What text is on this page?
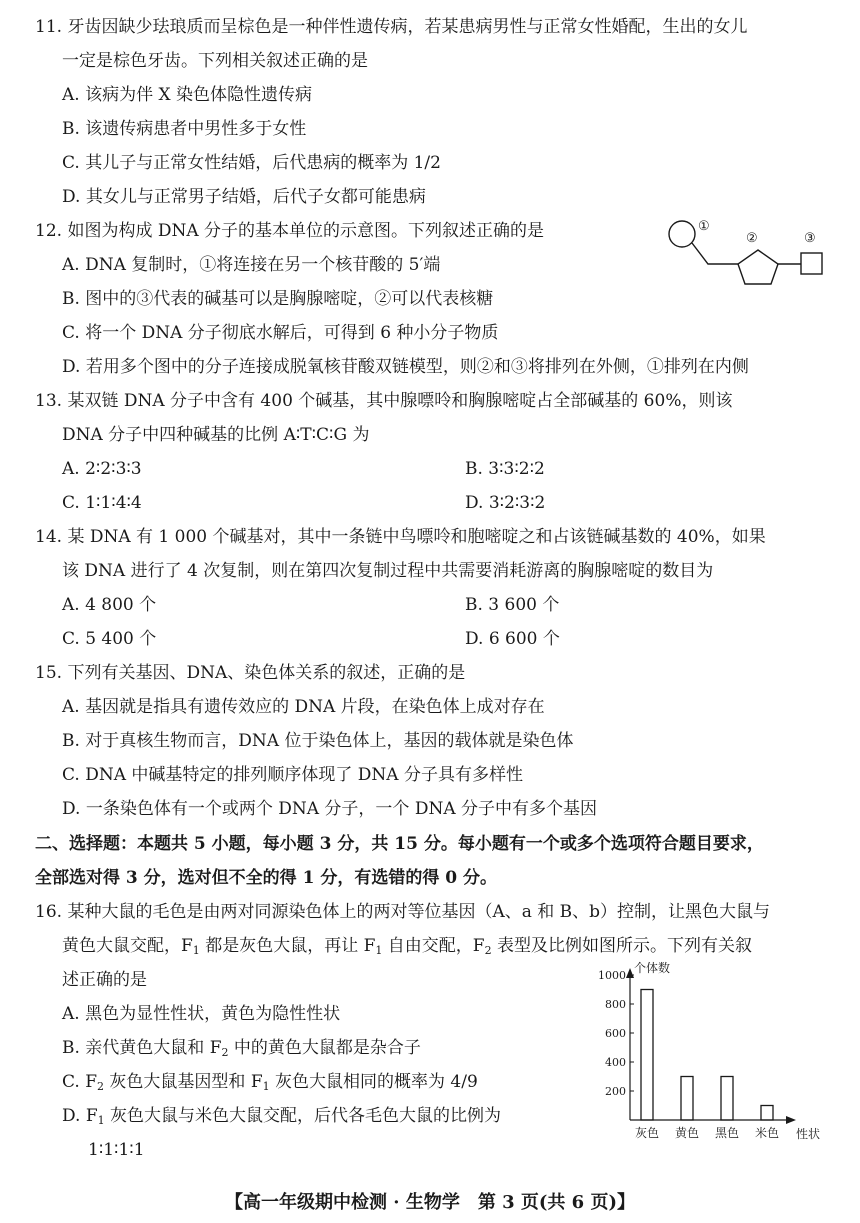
11. 牙齿因缺少珐琅质而呈棕色是一种伴性遗传病，若某患病男性与正常女性婚配，生出的女儿
一定是棕色牙齿。下列相关叙述正确的是
A. 该病为伴 X 染色体隐性遗传病
B. 该遗传病患者中男性多于女性
C. 其儿子与正常女性结婚，后代患病的概率为 1/2
D. 其女儿与正常男子结婚，后代子女都可能患病
12. 如图为构成 DNA 分子的基本单位的示意图。下列叙述正确的是
A. DNA 复制时，①将连接在另一个核苷酸的 5′端
B. 图中的③代表的碱基可以是胸腺嘧啶，②可以代表核糖
C. 将一个 DNA 分子彻底水解后，可得到 6 种小分子物质
D. 若用多个图中的分子连接成脱氧核苷酸双链模型，则②和③将排列在外侧，①排列在内侧
①
②	③
13. 某双链 DNA 分子中含有 400 个碱基，其中腺嘌呤和胸腺嘧啶占全部碱基的 60%，则该
DNA 分子中四种碱基的比例 A∶T∶C∶G 为
A. 2∶2∶3∶3	B. 3∶3∶2∶2
C. 1∶1∶4∶4	D. 3∶2∶3∶2
14. 某 DNA 有 1 000 个碱基对，其中一条链中鸟嘌呤和胞嘧啶之和占该链碱基数的 40%，如果
该 DNA 进行了 4 次复制，则在第四次复制过程中共需要消耗游离的胸腺嘧啶的数目为
A. 4 800 个	B. 3 600 个
C. 5 400 个	D. 6 600 个
15. 下列有关基因、DNA、染色体关系的叙述，正确的是
A. 基因就是指具有遗传效应的 DNA 片段，在染色体上成对存在
B. 对于真核生物而言，DNA 位于染色体上，基因的载体就是染色体
C. DNA 中碱基特定的排列顺序体现了 DNA 分子具有多样性
D. 一条染色体有一个或两个 DNA 分子，一个 DNA 分子中有多个基因
二、选择题：本题共 5 小题，每小题 3 分，共 15 分。每小题有一个或多个选项符合题目要求，
全部选对得 3 分，选对但不全的得 1 分，有选错的得 0 分。
16. 某种大鼠的毛色是由两对同源染色体上的两对等位基因（A、a 和 B、b）控制，让黑色大鼠与
黄色大鼠交配，$F_1$ 都是灰色大鼠，再让 $F_1$ 自由交配，$F_2$ 表型及比例如图所示。下列有关叙
述正确的是
A. 黑色为显性性状，黄色为隐性性状
B. 亲代黄色大鼠和 $F_2$ 中的黄色大鼠都是杂合子
C. $F_2$ 灰色大鼠基因型和 $F_1$ 灰色大鼠相同的概率为 4/9
D. $F_1$ 灰色大鼠与米色大鼠交配，后代各毛色大鼠的比例为
1∶1∶1∶1
个体数
性状
200
400
600
800
1000
灰色 黄色 黑色 米色
【高一年级期中检测 · 生物学　第 3 页(共 6 页)】
